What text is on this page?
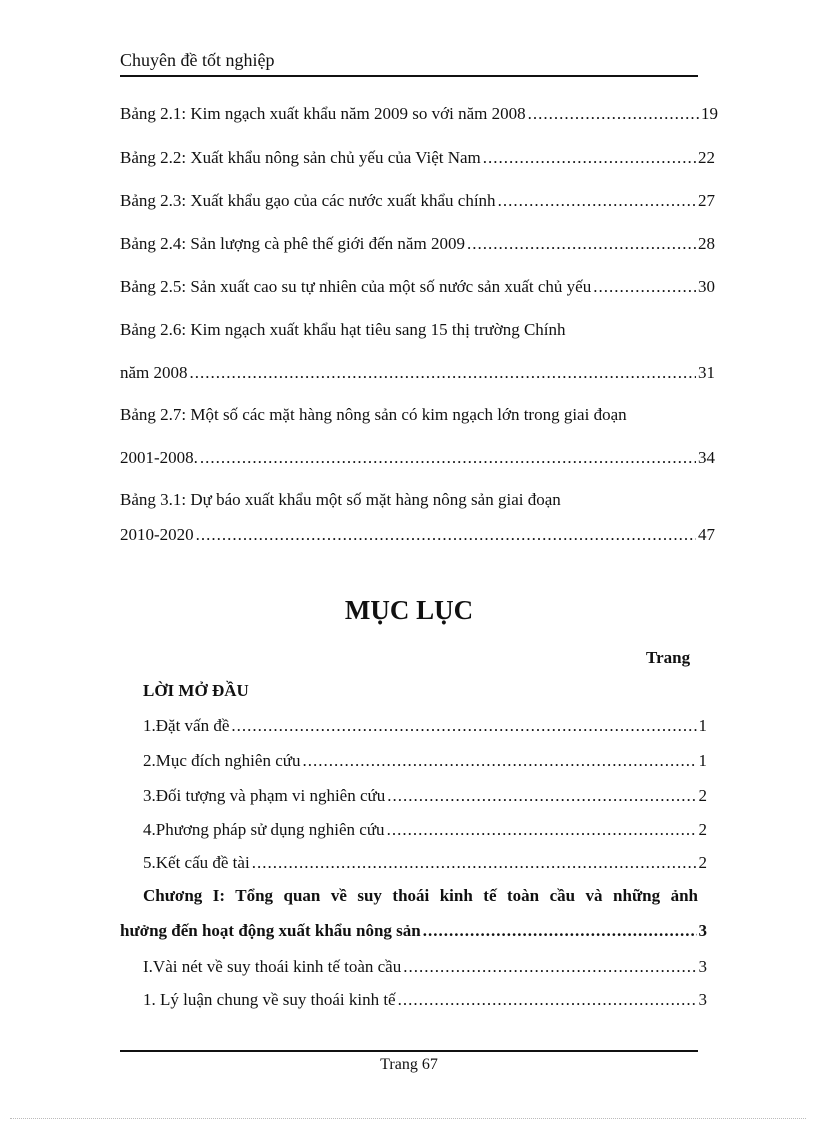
Chuyên đề tốt nghiệp
Bảng 2.1: Kim ngạch xuất khẩu năm 2009 so với năm 2008 .....	19
Bảng 2.2: Xuất khẩu nông sản chủ yếu của Việt Nam .....	22
Bảng 2.3: Xuất khẩu gạo của các nước xuất khẩu chính .....	27
Bảng 2.4: Sản lượng cà phê thế giới đến năm 2009 .....	28
Bảng 2.5: Sản xuất cao su tự nhiên của một số nước sản xuất chủ yếu .....	30
Bảng 2.6: Kim ngạch xuất khẩu hạt tiêu sang 15 thị trường Chính
năm 2008 .....	31
Bảng 2.7: Một số các mặt hàng nông sản có kim ngạch lớn trong giai đoạn
2001-2008. .....	34
Bảng 3.1: Dự báo xuất khẩu một số mặt hàng nông sản giai đoạn
2010-2020 .....	47
MỤC LỤC
Trang
LỜI MỞ ĐẦU
1.Đặt vấn đề .....	1
2.Mục đích nghiên cứu .....	1
3.Đối tượng và phạm vi nghiên cứu .....	2
4.Phương pháp sử dụng nghiên cứu .....	2
5.Kết cấu đề tài .....	2
Chương I: Tổng quan về suy thoái kinh tế toàn cầu và những ảnh
hưởng đến hoạt động xuất khẩu nông sản .....	3
I.Vài nét về suy thoái kinh tế toàn cầu .....	3
1. Lý luận chung về suy thoái kinh tế .....	3
Trang 67
